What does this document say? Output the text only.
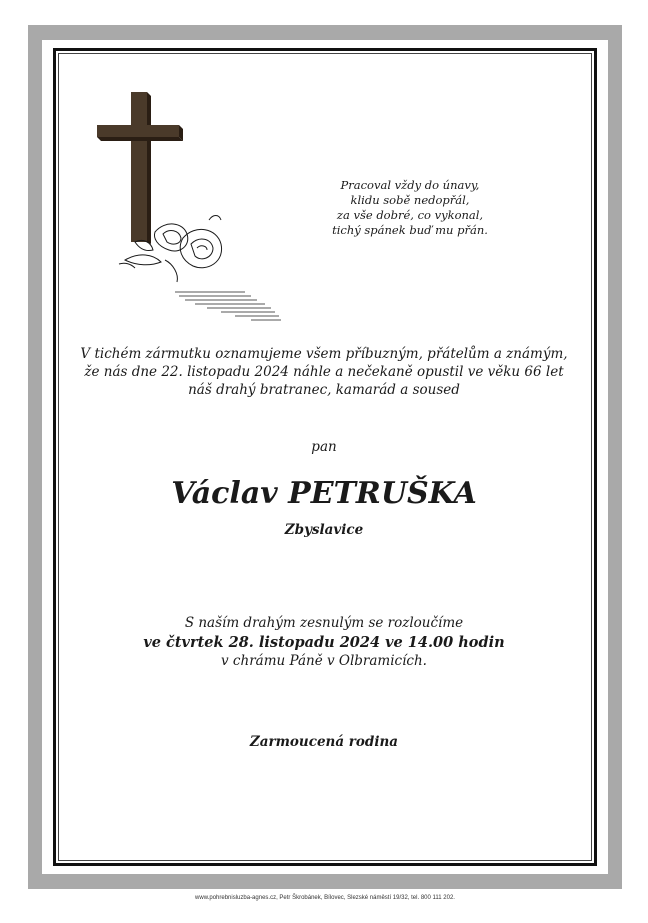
Pracoval vždy do únavy,
klidu sobě nedopřál,
za vše dobré, co vykonal,
tichý spánek buď mu přán.
V tichém zármutku oznamujeme všem příbuzným, přátelům a známým,
že nás dne 22. listopadu 2024 náhle a nečekaně opustil ve věku 66 let
náš drahý bratranec, kamarád a soused
pan
Václav PETRUŠKA
Zbyslavice
S naším drahým zesnulým se rozloučíme
ve čtvrtek 28. listopadu 2024 ve 14.00 hodin
v chrámu Páně v Olbramicích.
Zarmoucená rodina
www.pohrebnisluzba-agnes.cz, Petr Škrobánek, Bílovec, Slezské náměstí 19/32, tel. 800 111 202.
